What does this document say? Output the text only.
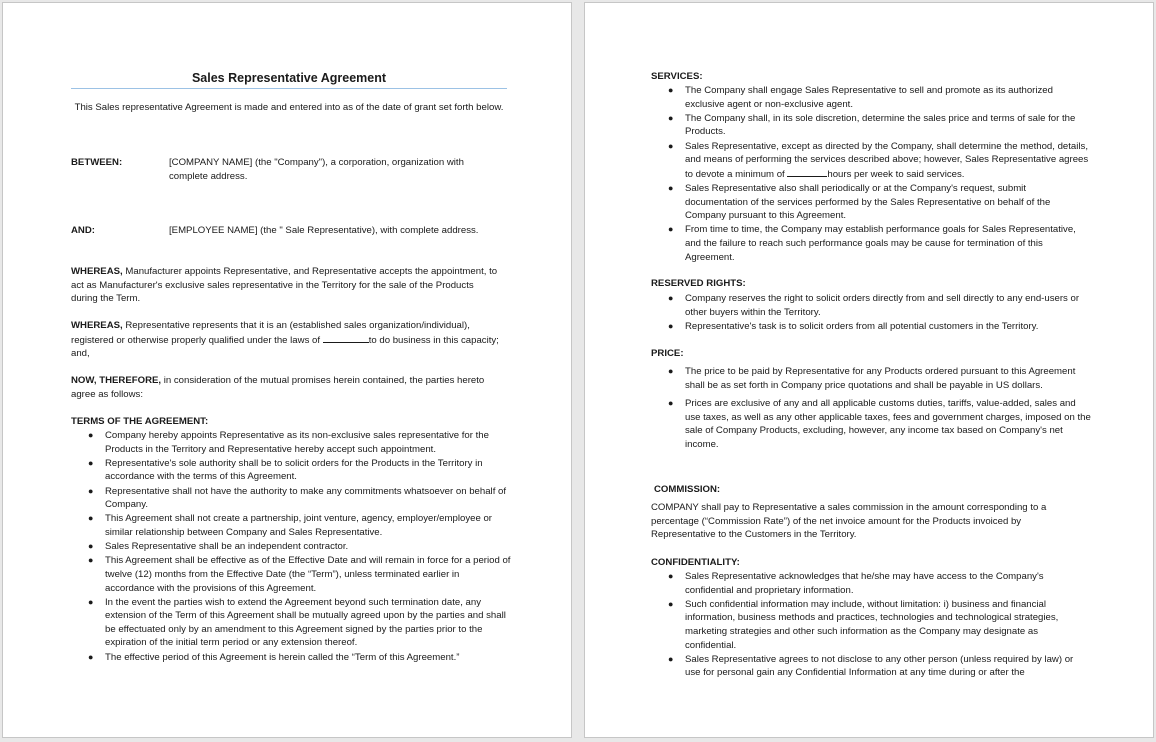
Sales Representative Agreement
This Sales representative Agreement is made and entered into as of the date of grant set forth below.
BETWEEN:	[COMPANY NAME] (the "Company"), a corporation, organization with complete address.
AND:	[EMPLOYEE NAME] (the " Sale Representative), with complete address.
WHEREAS, Manufacturer appoints Representative, and Representative accepts the appointment, to act as Manufacturer's exclusive sales representative in the Territory for the sale of the Products during the Term.
WHEREAS, Representative represents that it is an (established sales organization/individual), registered or otherwise properly qualified under the laws of	to do business in this capacity; and,
NOW, THEREFORE, in consideration of the mutual promises herein contained, the parties hereto agree as follows:
TERMS OF THE AGREEMENT:
● Company hereby appoints Representative as its non-exclusive sales representative for the Products in the Territory and Representative hereby accept such appointment.
● Representative's sole authority shall be to solicit orders for the Products in the Territory in accordance with the terms of this Agreement.
● Representative shall not have the authority to make any commitments whatsoever on behalf of Company.
● This Agreement shall not create a partnership, joint venture, agency, employer/employee or similar relationship between Company and Sales Representative.
● Sales Representative shall be an independent contractor.
● This Agreement shall be effective as of the Effective Date and will remain in force for a period of twelve (12) months from the Effective Date (the “Term”), unless terminated earlier in accordance with the provisions of this Agreement.
● In the event the parties wish to extend the Agreement beyond such termination date, any extension of the Term of this Agreement shall be mutually agreed upon by the parties and shall be effectuated only by an amendment to this Agreement signed by the parties prior to the expiration of the initial term period or any extension thereof.
● The effective period of this Agreement is herein called the “Term of this Agreement.”
SERVICES:
● The Company shall engage Sales Representative to sell and promote as its authorized exclusive agent or non-exclusive agent.
● The Company shall, in its sole discretion, determine the sales price and terms of sale for the Products.
● Sales Representative, except as directed by the Company, shall determine the method, details, and means of performing the services described above; however, Sales Representative agrees to devote a minimum of	hours per week to said services.
● Sales Representative also shall periodically or at the Company's request, submit documentation of the services performed by the Sales Representative on behalf of the Company pursuant to this Agreement.
● From time to time, the Company may establish performance goals for Sales Representative, and the failure to reach such performance goals may be cause for termination of this Agreement.
RESERVED RIGHTS:
● Company reserves the right to solicit orders directly from and sell directly to any end-users or other buyers within the Territory.
● Representative's task is to solicit orders from all potential customers in the Territory.
PRICE:
● The price to be paid by Representative for any Products ordered pursuant to this Agreement shall be as set forth in Company price quotations and shall be payable in US dollars.
● Prices are exclusive of any and all applicable customs duties, tariffs, value-added, sales and use taxes, as well as any other applicable taxes, fees and government charges, imposed on the sale of Company Products, excluding, however, any income tax based on Company's net income.
COMMISSION:
COMPANY shall pay to Representative a sales commission in the amount corresponding to a percentage (“Commission Rate”) of the net invoice amount for the Products invoiced by Representative to the Customers in the Territory.
CONFIDENTIALITY:
● Sales Representative acknowledges that he/she may have access to the Company's confidential and proprietary information.
● Such confidential information may include, without limitation: i) business and financial information, business methods and practices, technologies and technological strategies, marketing strategies and other such information as the Company may designate as confidential.
● Sales Representative agrees to not disclose to any other person (unless required by law) or use for personal gain any Confidential Information at any time during or after the
